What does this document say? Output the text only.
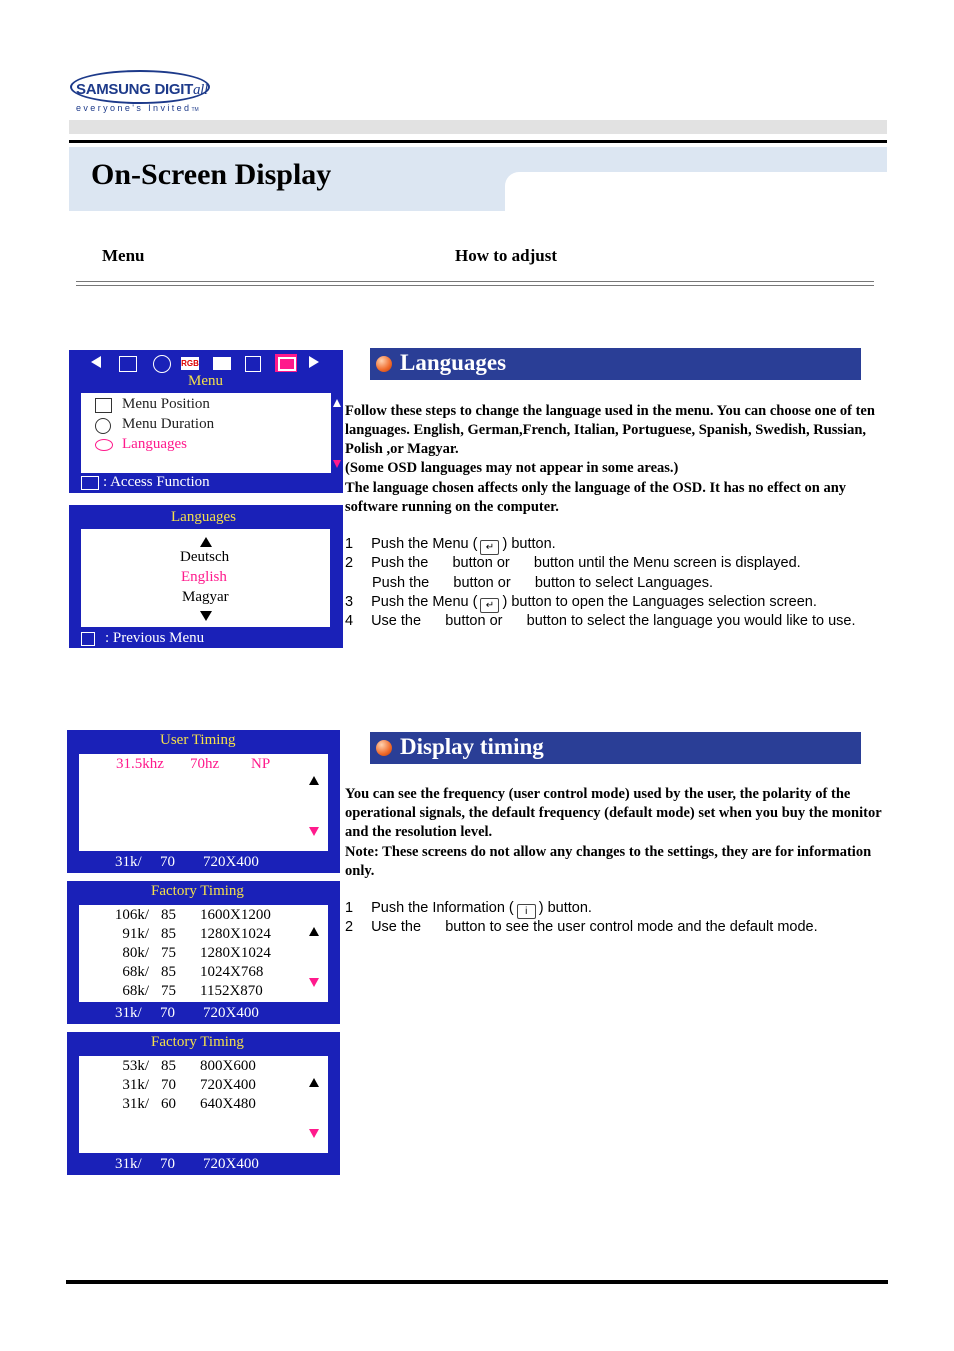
SAMSUNG DIGITall
everyone's InvitedTM
On-Screen Display
Menu	How to adjust
RGB
Menu
Menu Position
Menu Duration
Languages
: Access Function
Languages
Deutsch
English
Magyar
: Previous Menu
Languages
Follow these steps to change the language used in the menu. You can choose one of ten languages. English, German,French, Italian, Portuguese, Spanish, Swedish, Russian, Polish ,or Magyar.
(Some OSD languages may not appear in some areas.)
The language chosen affects only the language of the OSD. It has no effect on any software running on the computer.
1 Push the Menu ( ↵ ) button.
2 Push the      button or      button until the Menu screen is displayed.
Push the      button or      button to select Languages.
3 Push the Menu ( ↵ ) button to open the Languages selection screen.
4 Use the      button or      button to select the language you would like to use.
User Timing
31.5khz 70hz NP
31k/ 70 720X400
Factory Timing
106k/ 85 1600X1200
91k/ 85 1280X1024
80k/ 75 1280X1024
68k/ 85 1024X768
68k/ 75 1152X870
31k/ 70 720X400
Factory Timing
53k/ 85 800X600
31k/ 70 720X400
31k/ 60 640X480
31k/ 70 720X400
Display timing
You can see the frequency (user control mode) used by the user, the polarity of the operational signals, the default frequency (default mode) set when you buy the monitor and the resolution level.
Note: These screens do not allow any changes to the settings, they are for information only.
1 Push the Information ( i ) button.
2 Use the      button to see the user control mode and the default mode.
